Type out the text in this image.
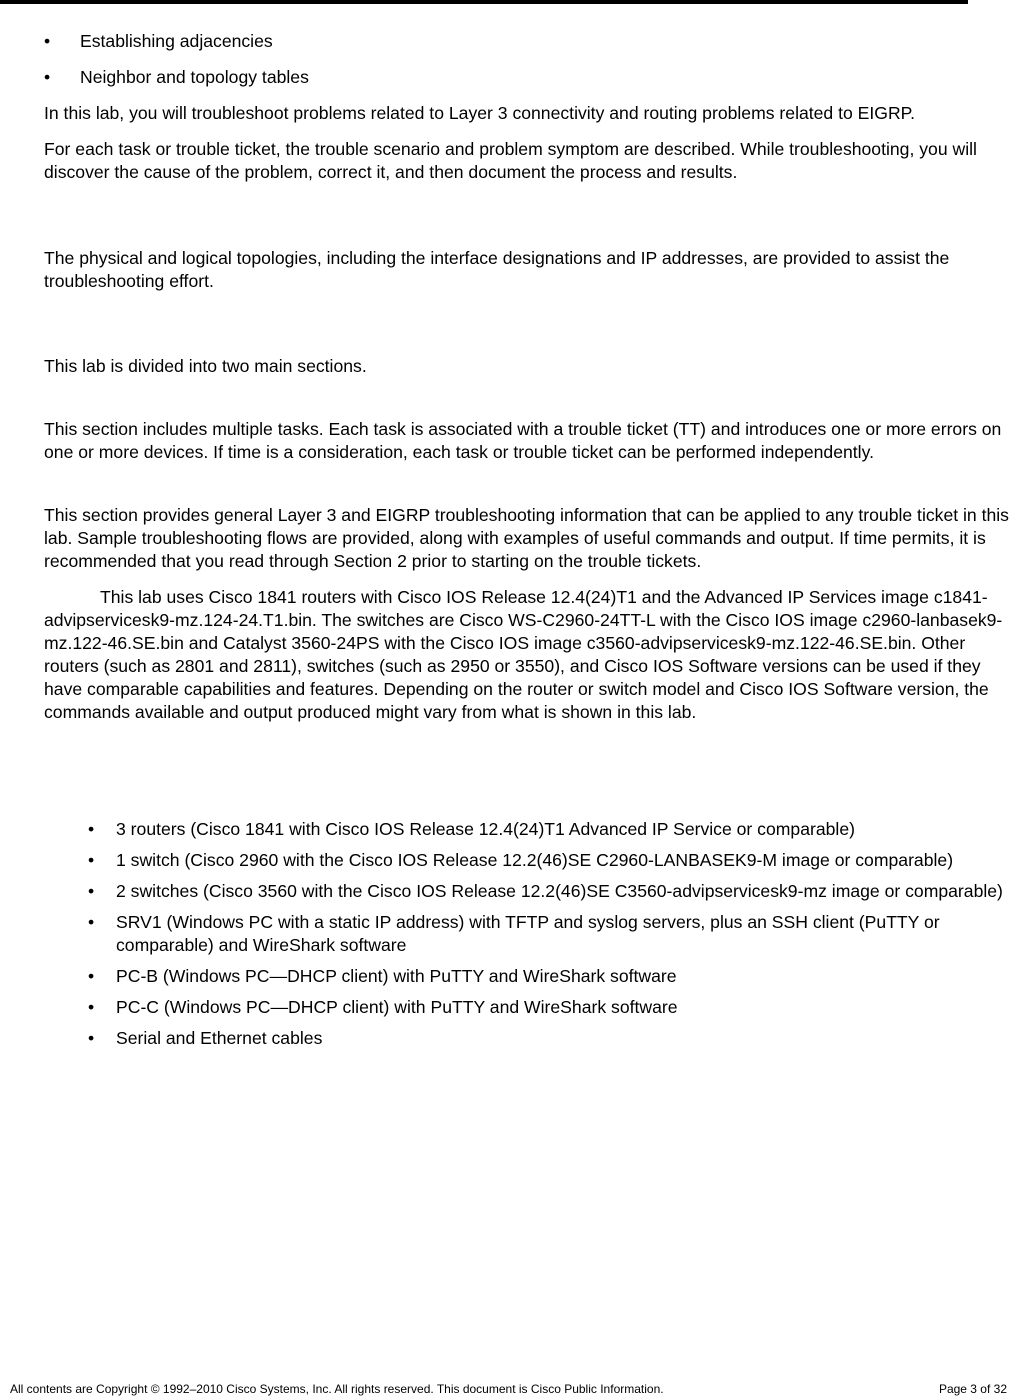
• Establishing adjacencies
• Neighbor and topology tables

In this lab, you will troubleshoot problems related to Layer 3 connectivity and routing problems related to EIGRP.

For each task or trouble ticket, the trouble scenario and problem symptom are described. While troubleshooting, you will discover the cause of the problem, correct it, and then document the process and results.

The physical and logical topologies, including the interface designations and IP addresses, are provided to assist the troubleshooting effort.

This lab is divided into two main sections.

This section includes multiple tasks. Each task is associated with a trouble ticket (TT) and introduces one or more errors on one or more devices. If time is a consideration, each task or trouble ticket can be performed independently.

This section provides general Layer 3 and EIGRP troubleshooting information that can be applied to any trouble ticket in this lab. Sample troubleshooting flows are provided, along with examples of useful commands and output. If time permits, it is recommended that you read through Section 2 prior to starting on the trouble tickets.

This lab uses Cisco 1841 routers with Cisco IOS Release 12.4(24)T1 and the Advanced IP Services image c1841-advipservicesk9-mz.124-24.T1.bin. The switches are Cisco WS-C2960-24TT-L with the Cisco IOS image c2960-lanbasek9-mz.122-46.SE.bin and Catalyst 3560-24PS with the Cisco IOS image c3560-advipservicesk9-mz.122-46.SE.bin. Other routers (such as 2801 and 2811), switches (such as 2950 or 3550), and Cisco IOS Software versions can be used if they have comparable capabilities and features. Depending on the router or switch model and Cisco IOS Software version, the commands available and output produced might vary from what is shown in this lab.

• 3 routers (Cisco 1841 with Cisco IOS Release 12.4(24)T1 Advanced IP Service or comparable)
• 1 switch (Cisco 2960 with the Cisco IOS Release 12.2(46)SE C2960-LANBASEK9-M image or comparable)
• 2 switches (Cisco 3560 with the Cisco IOS Release 12.2(46)SE C3560-advipservicesk9-mz image or comparable)
• SRV1 (Windows PC with a static IP address) with TFTP and syslog servers, plus an SSH client (PuTTY or comparable) and WireShark software
• PC-B (Windows PC—DHCP client) with PuTTY and WireShark software
• PC-C (Windows PC—DHCP client) with PuTTY and WireShark software
• Serial and Ethernet cables
All contents are Copyright © 1992–2010 Cisco Systems, Inc. All rights reserved. This document is Cisco Public Information.	Page 3 of 32
